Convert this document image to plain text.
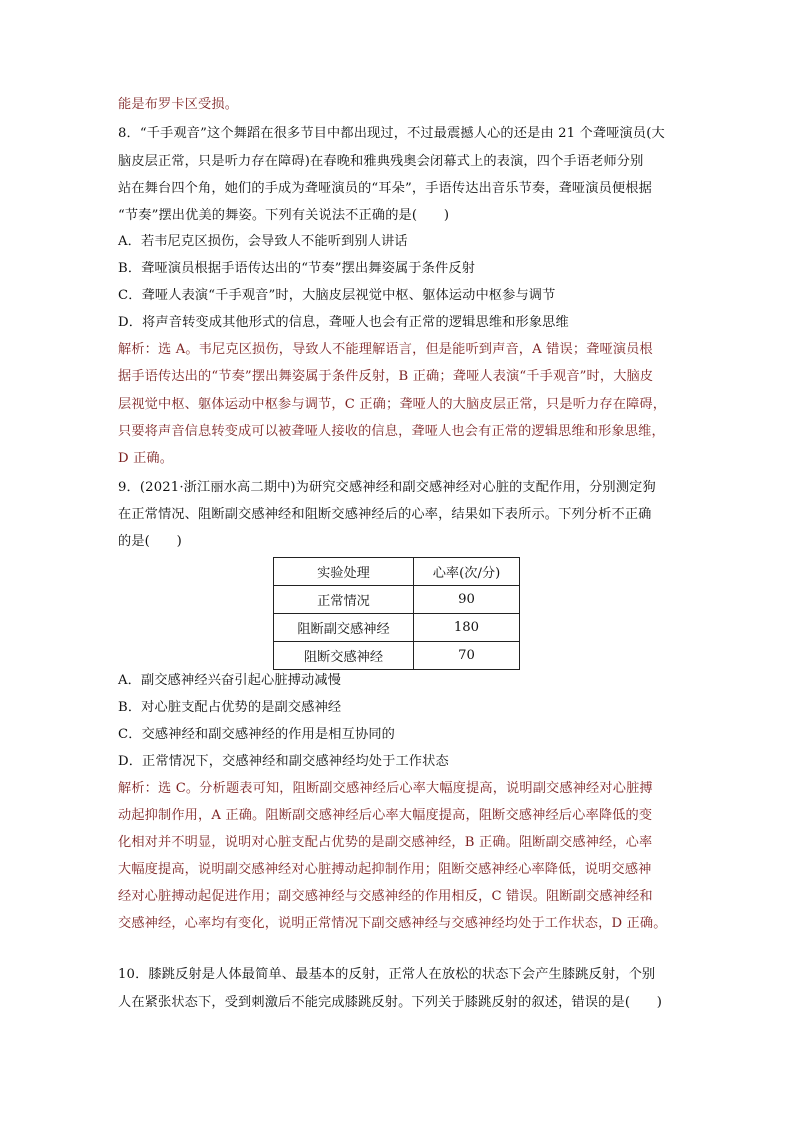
能是布罗卡区受损。
8．“千手观音”这个舞蹈在很多节目中都出现过，不过最震撼人心的还是由 21 个聋哑演员(大
脑皮层正常，只是听力存在障碍)在春晚和雅典残奥会闭幕式上的表演，四个手语老师分别
站在舞台四个角，她们的手成为聋哑演员的“耳朵”，手语传达出音乐节奏，聋哑演员便根据
“节奏”摆出优美的舞姿。下列有关说法不正确的是(　　)
A．若韦尼克区损伤，会导致人不能听到别人讲话
B．聋哑演员根据手语传达出的“节奏”摆出舞姿属于条件反射
C．聋哑人表演“千手观音”时，大脑皮层视觉中枢、躯体运动中枢参与调节
D．将声音转变成其他形式的信息，聋哑人也会有正常的逻辑思维和形象思维
解析：选 A。韦尼克区损伤，导致人不能理解语言，但是能听到声音，A 错误；聋哑演员根
据手语传达出的“节奏”摆出舞姿属于条件反射，B 正确；聋哑人表演“千手观音”时，大脑皮
层视觉中枢、躯体运动中枢参与调节，C 正确；聋哑人的大脑皮层正常，只是听力存在障碍，
只要将声音信息转变成可以被聋哑人接收的信息，聋哑人也会有正常的逻辑思维和形象思维，
D 正确。
9．(2021·浙江丽水高二期中)为研究交感神经和副交感神经对心脏的支配作用，分别测定狗
在正常情况、阻断副交感神经和阻断交感神经后的心率，结果如下表所示。下列分析不正确
的是(　　)
实验处理	心率(次/分)
正常情况	90
阻断副交感神经	180
阻断交感神经	70
A．副交感神经兴奋引起心脏搏动减慢
B．对心脏支配占优势的是副交感神经
C．交感神经和副交感神经的作用是相互协同的
D．正常情况下，交感神经和副交感神经均处于工作状态
解析：选 C。分析题表可知，阻断副交感神经后心率大幅度提高，说明副交感神经对心脏搏
动起抑制作用，A 正确。阻断副交感神经后心率大幅度提高，阻断交感神经后心率降低的变
化相对并不明显，说明对心脏支配占优势的是副交感神经，B 正确。阻断副交感神经，心率
大幅度提高，说明副交感神经对心脏搏动起抑制作用；阻断交感神经心率降低，说明交感神
经对心脏搏动起促进作用；副交感神经与交感神经的作用相反，C 错误。阻断副交感神经和
交感神经，心率均有变化，说明正常情况下副交感神经与交感神经均处于工作状态，D 正确。
10．膝跳反射是人体最简单、最基本的反射，正常人在放松的状态下会产生膝跳反射，个别
人在紧张状态下，受到刺激后不能完成膝跳反射。下列关于膝跳反射的叙述，错误的是(　　)
